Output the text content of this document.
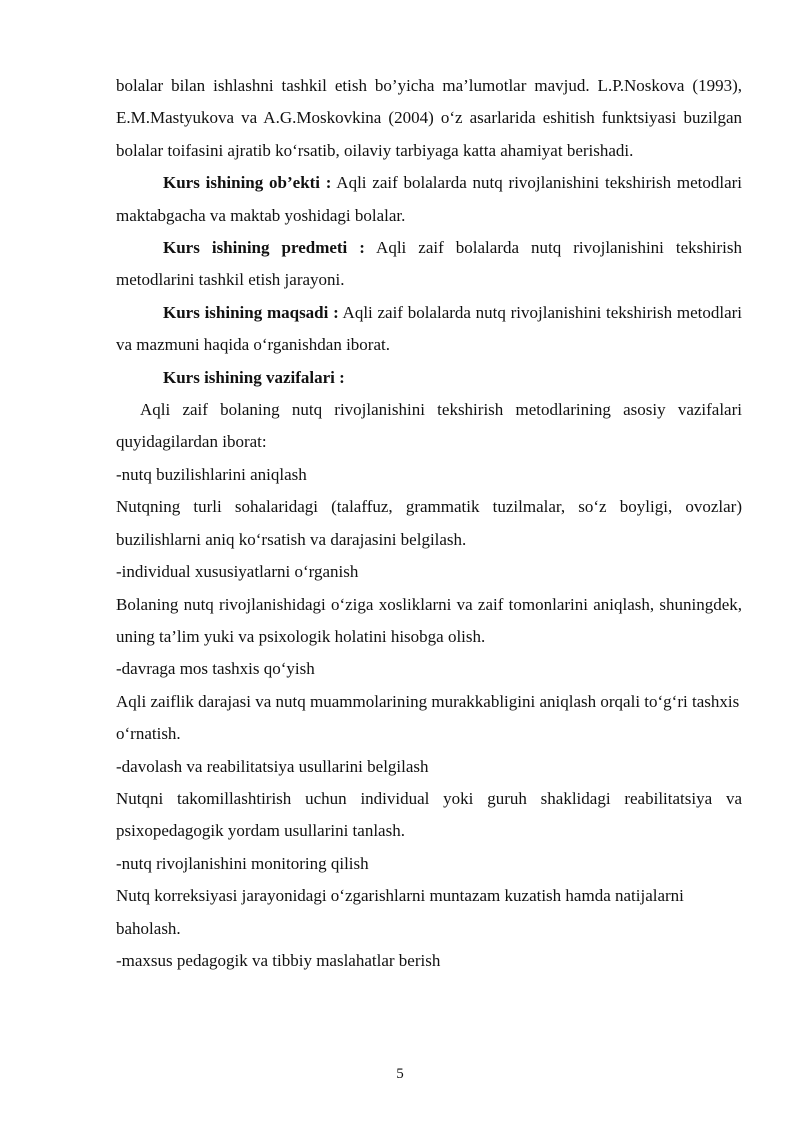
bolalar bilan ishlashni tashkil etish bo’yicha ma’lumotlar mavjud. L.P.Noskova (1993), E.M.Mastyukova va A.G.Moskovkina (2004) o‘z asarlarida eshitish funktsiyasi buzilgan bolalar toifasini ajratib ko‘rsatib, oilaviy tarbiyaga katta ahamiyat berishadi.

Kurs ishining ob’ekti : Aqli zaif bolalarda nutq rivojlanishini tekshirish metodlari maktabgacha va maktab yoshidagi bolalar.

Kurs ishining predmeti : Aqli zaif bolalarda nutq rivojlanishini tekshirish metodlarini tashkil etish jarayoni.

Kurs ishining maqsadi : Aqli zaif bolalarda nutq rivojlanishini tekshirish metodlari va mazmuni haqida o‘rganishdan iborat.

Kurs ishining vazifalari :

Aqli zaif bolaning nutq rivojlanishini tekshirish metodlarining asosiy vazifalari quyidagilardan iborat:

-nutq buzilishlarini aniqlash

Nutqning turli sohalaridagi (talaffuz, grammatik tuzilmalar, so‘z boyligi, ovozlar) buzilishlarni aniq ko‘rsatish va darajasini belgilash.

-individual xususiyatlarni o‘rganish

Bolaning nutq rivojlanishidagi o‘ziga xosliklarni va zaif tomonlarini aniqlash, shuningdek, uning ta’lim yuki va psixologik holatini hisobga olish.

-davraga mos tashxis qo‘yish

Aqli zaiflik darajasi va nutq muammolarining murakkabligini aniqlash orqali to‘g‘ri tashxis o‘rnatish.

-davolash va reabilitatsiya usullarini belgilash

Nutqni takomillashtirish uchun individual yoki guruh shaklidagi reabilitatsiya va psixopedagogik yordam usullarini tanlash.

-nutq rivojlanishini monitoring qilish

Nutq korreksiyasi jarayonidagi o‘zgarishlarni muntazam kuzatish hamda natijalarni baholash.

-maxsus pedagogik va tibbiy maslahatlar berish

5
